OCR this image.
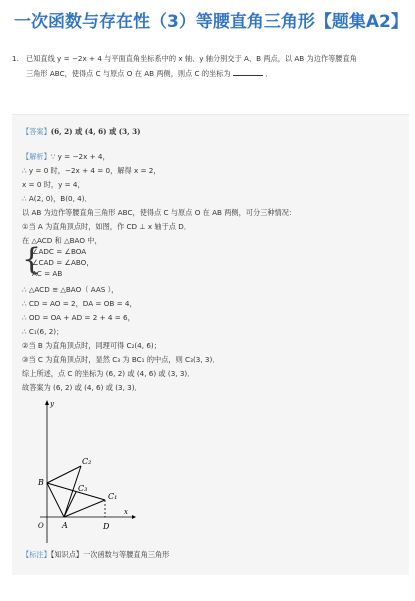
一次函数与存在性（3）等腰直角三角形【题集A2】
1. 已知直线 y = −2x + 4 与平面直角坐标系中的 x 轴、y 轴分别交于 A、B 两点，以 AB 为边作等腰直角
三角形 ABC，使得点 C 与原点 O 在 AB 两侧，则点 C 的坐标为	．
【答案】(6, 2) 或 (4, 6) 或 (3, 3)
【解析】∵ y = −2x + 4，
∴ y = 0 时，−2x + 4 = 0，解得 x = 2，
x = 0 时，y = 4，
∴ A(2, 0)，B(0, 4)．
以 AB 为边作等腰直角三角形 ABC，使得点 C 与原点 O 在 AB 两侧，可分三种情况：
①当 A 为直角顶点时，如图，作 CD ⊥ x 轴于点 D．
在 △ACD 和 △BAO 中，
{
∠ADC = ∠BOA
∠CAD = ∠ABO，
AC = AB
∴ △ACD ≌ △BAO（ AAS ），
∴ CD = AO = 2，DA = OB = 4，
∴ OD = OA + AD = 2 + 4 = 6，
∴ C₁(6, 2)；
②当 B 为直角顶点时，同理可得 C₂(4, 6)；
③当 C 为直角顶点时，显然 C₃ 为 BC₁ 的中点，则 C₃(3, 3)．
综上所述，点 C 的坐标为 (6, 2) 或 (4, 6) 或 (3, 3)．
故答案为 (6, 2) 或 (4, 6) 或 (3, 3)．
O A
B
C₁
C₂
C₃
D
x
y
【标注】【知识点】一次函数与等腰直角三角形
